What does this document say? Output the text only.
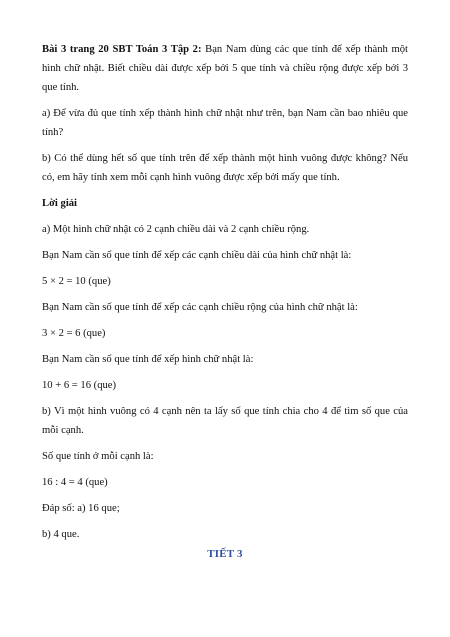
Bài 3 trang 20 SBT Toán 3 Tập 2: Bạn Nam dùng các que tính để xếp thành một hình chữ nhật. Biết chiều dài được xếp bởi 5 que tính và chiều rộng được xếp bởi 3 que tính.

a) Để vừa đủ que tính xếp thành hình chữ nhật như trên, bạn Nam cần bao nhiêu que tính?

b) Có thể dùng hết số que tính trên để xếp thành một hình vuông được không? Nếu có, em hãy tính xem mỗi cạnh hình vuông được xếp bởi mấy que tính.

Lời giải

a) Một hình chữ nhật có 2 cạnh chiều dài và 2 cạnh chiều rộng.

Bạn Nam cần số que tính để xếp các cạnh chiều dài của hình chữ nhật là:

5 × 2 = 10 (que)

Bạn Nam cần số que tính để xếp các cạnh chiều rộng của hình chữ nhật là:

3 × 2 = 6 (que)

Bạn Nam cần số que tính để xếp hình chữ nhật là:

10 + 6 = 16 (que)

b) Vì một hình vuông có 4 cạnh nên ta lấy số que tính chia cho 4 để tìm số que của mỗi cạnh.

Số que tính ở mỗi cạnh là:

16 : 4 = 4 (que)

Đáp số: a) 16 que;

b) 4 que.

TIẾT 3
